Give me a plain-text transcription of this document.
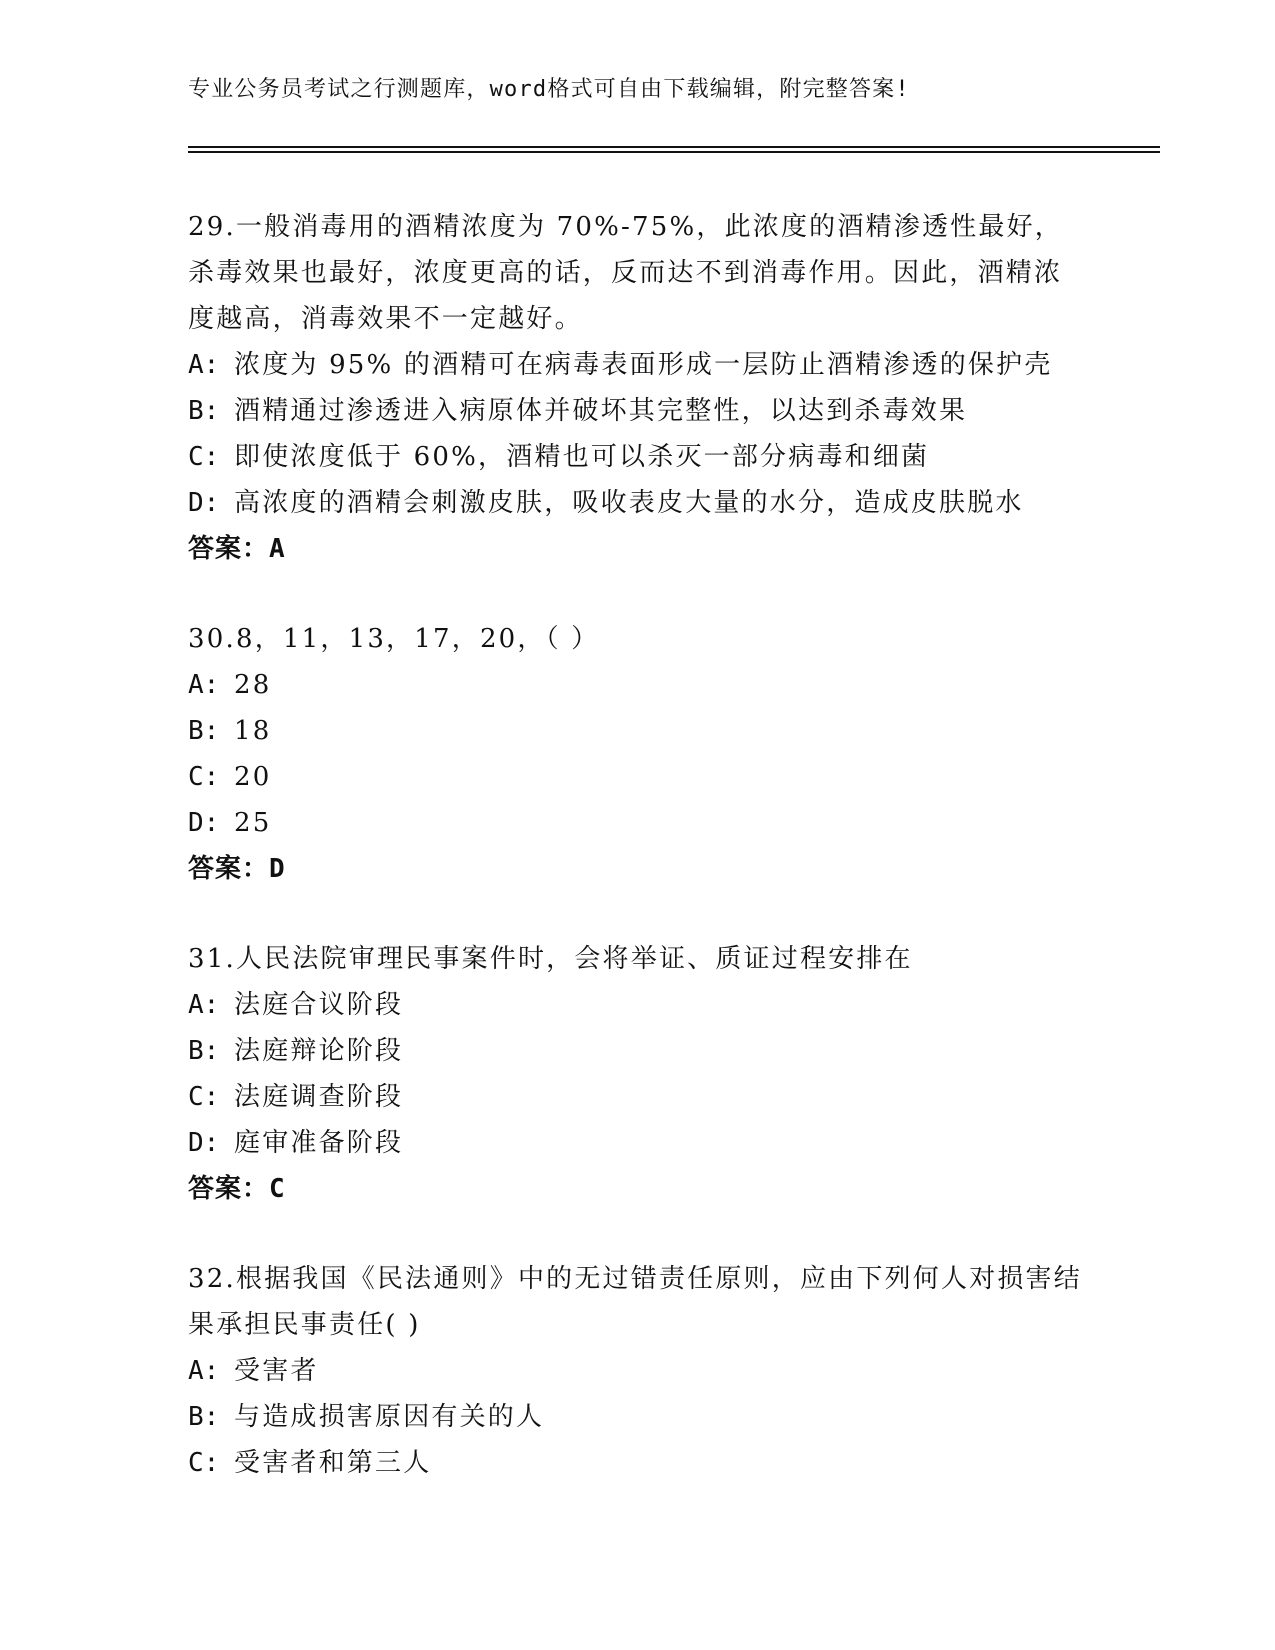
专业公务员考试之行测题库，word格式可自由下载编辑，附完整答案!
29.一般消毒用的酒精浓度为 70%-75%，此浓度的酒精渗透性最好，杀毒效果也最好，浓度更高的话，反而达不到消毒作用。因此，酒精浓度越高，消毒效果不一定越好。
A: 浓度为 95% 的酒精可在病毒表面形成一层防止酒精渗透的保护壳
B: 酒精通过渗透进入病原体并破坏其完整性，以达到杀毒效果
C: 即使浓度低于 60%，酒精也可以杀灭一部分病毒和细菌
D: 高浓度的酒精会刺激皮肤，吸收表皮大量的水分，造成皮肤脱水
答案：A
30.8，11，13，17，20，（ ）
A: 28
B: 18
C: 20
D: 25
答案：D
31.人民法院审理民事案件时，会将举证、质证过程安排在
A: 法庭合议阶段
B: 法庭辩论阶段
C: 法庭调查阶段
D: 庭审准备阶段
答案：C
32.根据我国《民法通则》中的无过错责任原则，应由下列何人对损害结果承担民事责任( )
A: 受害者
B: 与造成损害原因有关的人
C: 受害者和第三人
